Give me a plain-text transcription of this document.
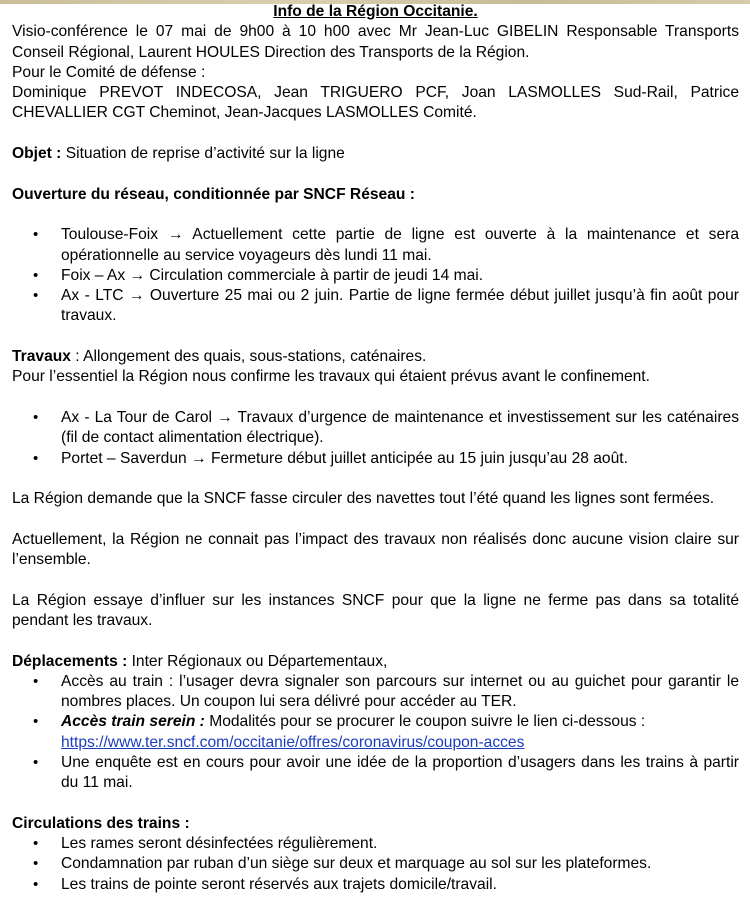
Info de la Région Occitanie.

Visio-conférence le 07 mai de 9h00 à 10 h00 avec Mr Jean-Luc GIBELIN Responsable Transports Conseil Régional, Laurent HOULES Direction des Transports de la Région.

Pour le Comité de défense :

Dominique PREVOT INDECOSA, Jean TRIGUERO PCF, Joan LASMOLLES Sud-Rail, Patrice CHEVALLIER CGT Cheminot, Jean-Jacques LASMOLLES Comité.

Objet : Situation de reprise d’activité sur la ligne

Ouverture du réseau, conditionnée par SNCF Réseau :

• Toulouse-Foix → Actuellement cette partie de ligne est ouverte à la maintenance et sera opérationnelle au service voyageurs dès lundi 11 mai.
• Foix – Ax → Circulation commerciale à partir de jeudi 14 mai.
• Ax - LTC → Ouverture 25 mai ou 2 juin. Partie de ligne fermée début juillet jusqu’à fin août pour travaux.

Travaux : Allongement des quais, sous-stations, caténaires.

Pour l’essentiel la Région nous confirme les travaux qui étaient prévus avant le confinement.

• Ax - La Tour de Carol → Travaux d’urgence de maintenance et investissement sur les caténaires (fil de contact alimentation électrique).
• Portet – Saverdun → Fermeture début juillet anticipée au 15 juin jusqu’au 28 août.

La Région demande que la SNCF fasse circuler des navettes tout l’été quand les lignes sont fermées.

Actuellement, la Région ne connait pas l’impact des travaux non réalisés donc aucune vision claire sur l’ensemble.

La Région essaye d’influer sur les instances SNCF pour que la ligne ne ferme pas dans sa totalité pendant les travaux.

Déplacements : Inter Régionaux ou Départementaux,

• Accès au train : l’usager devra signaler son parcours sur internet ou au guichet pour garantir le nombres places. Un coupon lui sera délivré pour accéder au TER.
• Accès train serein : Modalités pour se procurer le coupon suivre le lien ci-dessous :
https://www.ter.sncf.com/occitanie/offres/coronavirus/coupon-acces
• Une enquête est en cours pour avoir une idée de la proportion d’usagers dans les trains à partir du 11 mai.

Circulations des trains :

• Les rames seront désinfectées régulièrement.
• Condamnation par ruban d’un siège sur deux et marquage au sol sur les plateformes.
• Les trains de pointe seront réservés aux trajets domicile/travail.
